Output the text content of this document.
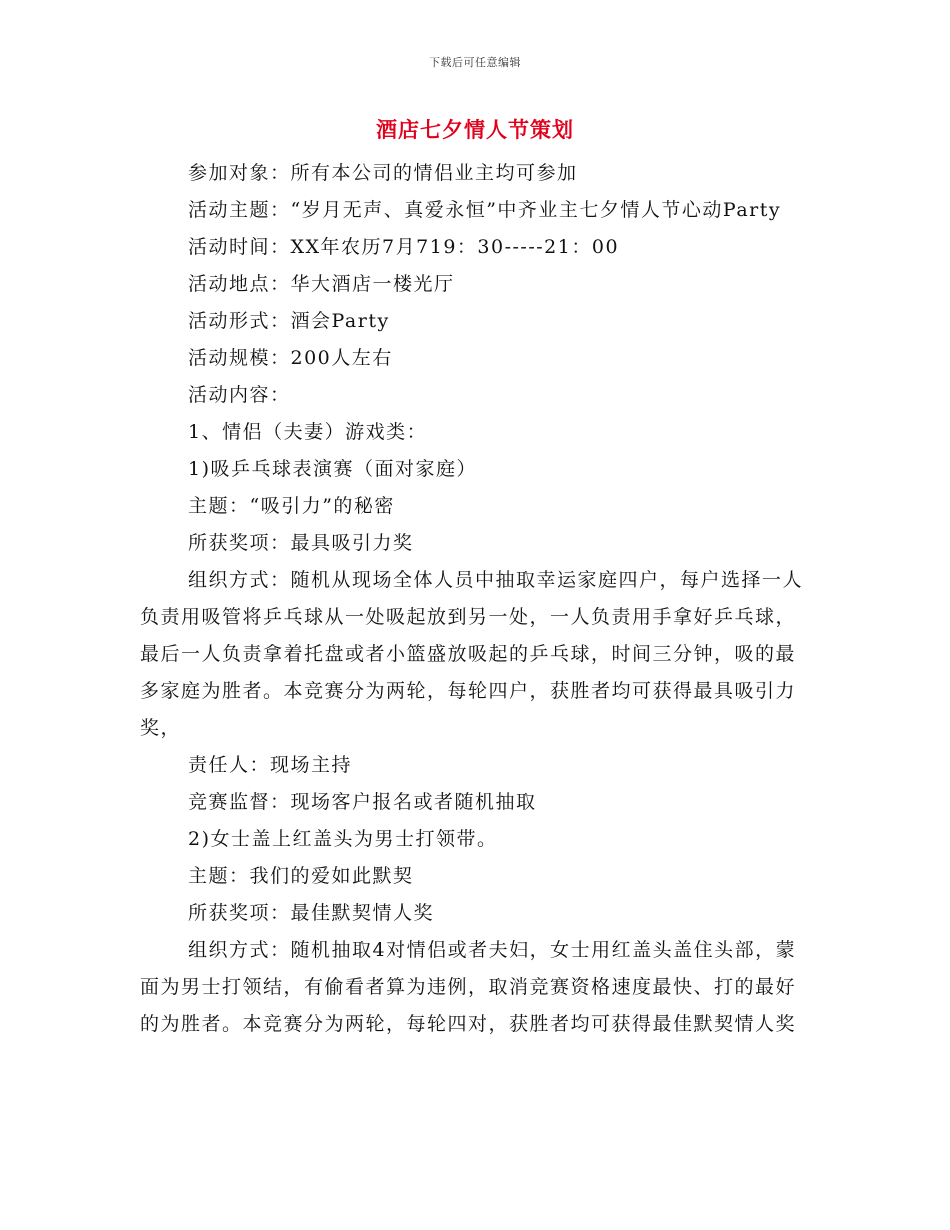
下载后可任意编辑
酒店七夕情人节策划

参加对象：所有本公司的情侣业主均可参加

活动主题：“岁月无声、真爱永恒”中齐业主七夕情人节心动Party

活动时间：XX年农历7月719：30-----21：00

活动地点：华大酒店一楼光厅

活动形式：酒会Party

活动规模：200人左右

活动内容：

1、情侣（夫妻）游戏类：

1)吸乒乓球表演赛（面对家庭）

主题：“吸引力”的秘密

所获奖项：最具吸引力奖

组织方式：随机从现场全体人员中抽取幸运家庭四户，每户选择一人负责用吸管将乒乓球从一处吸起放到另一处，一人负责用手拿好乒乓球，最后一人负责拿着托盘或者小篮盛放吸起的乒乓球，时间三分钟，吸的最多家庭为胜者。本竞赛分为两轮，每轮四户，获胜者均可获得最具吸引力奖，

责任人：现场主持

竞赛监督：现场客户报名或者随机抽取

2)女士盖上红盖头为男士打领带。

主题：我们的爱如此默契

所获奖项：最佳默契情人奖

组织方式：随机抽取4对情侣或者夫妇，女士用红盖头盖住头部，蒙面为男士打领结，有偷看者算为违例，取消竞赛资格速度最快、打的最好的为胜者。本竞赛分为两轮，每轮四对，获胜者均可获得最佳默契情人奖
